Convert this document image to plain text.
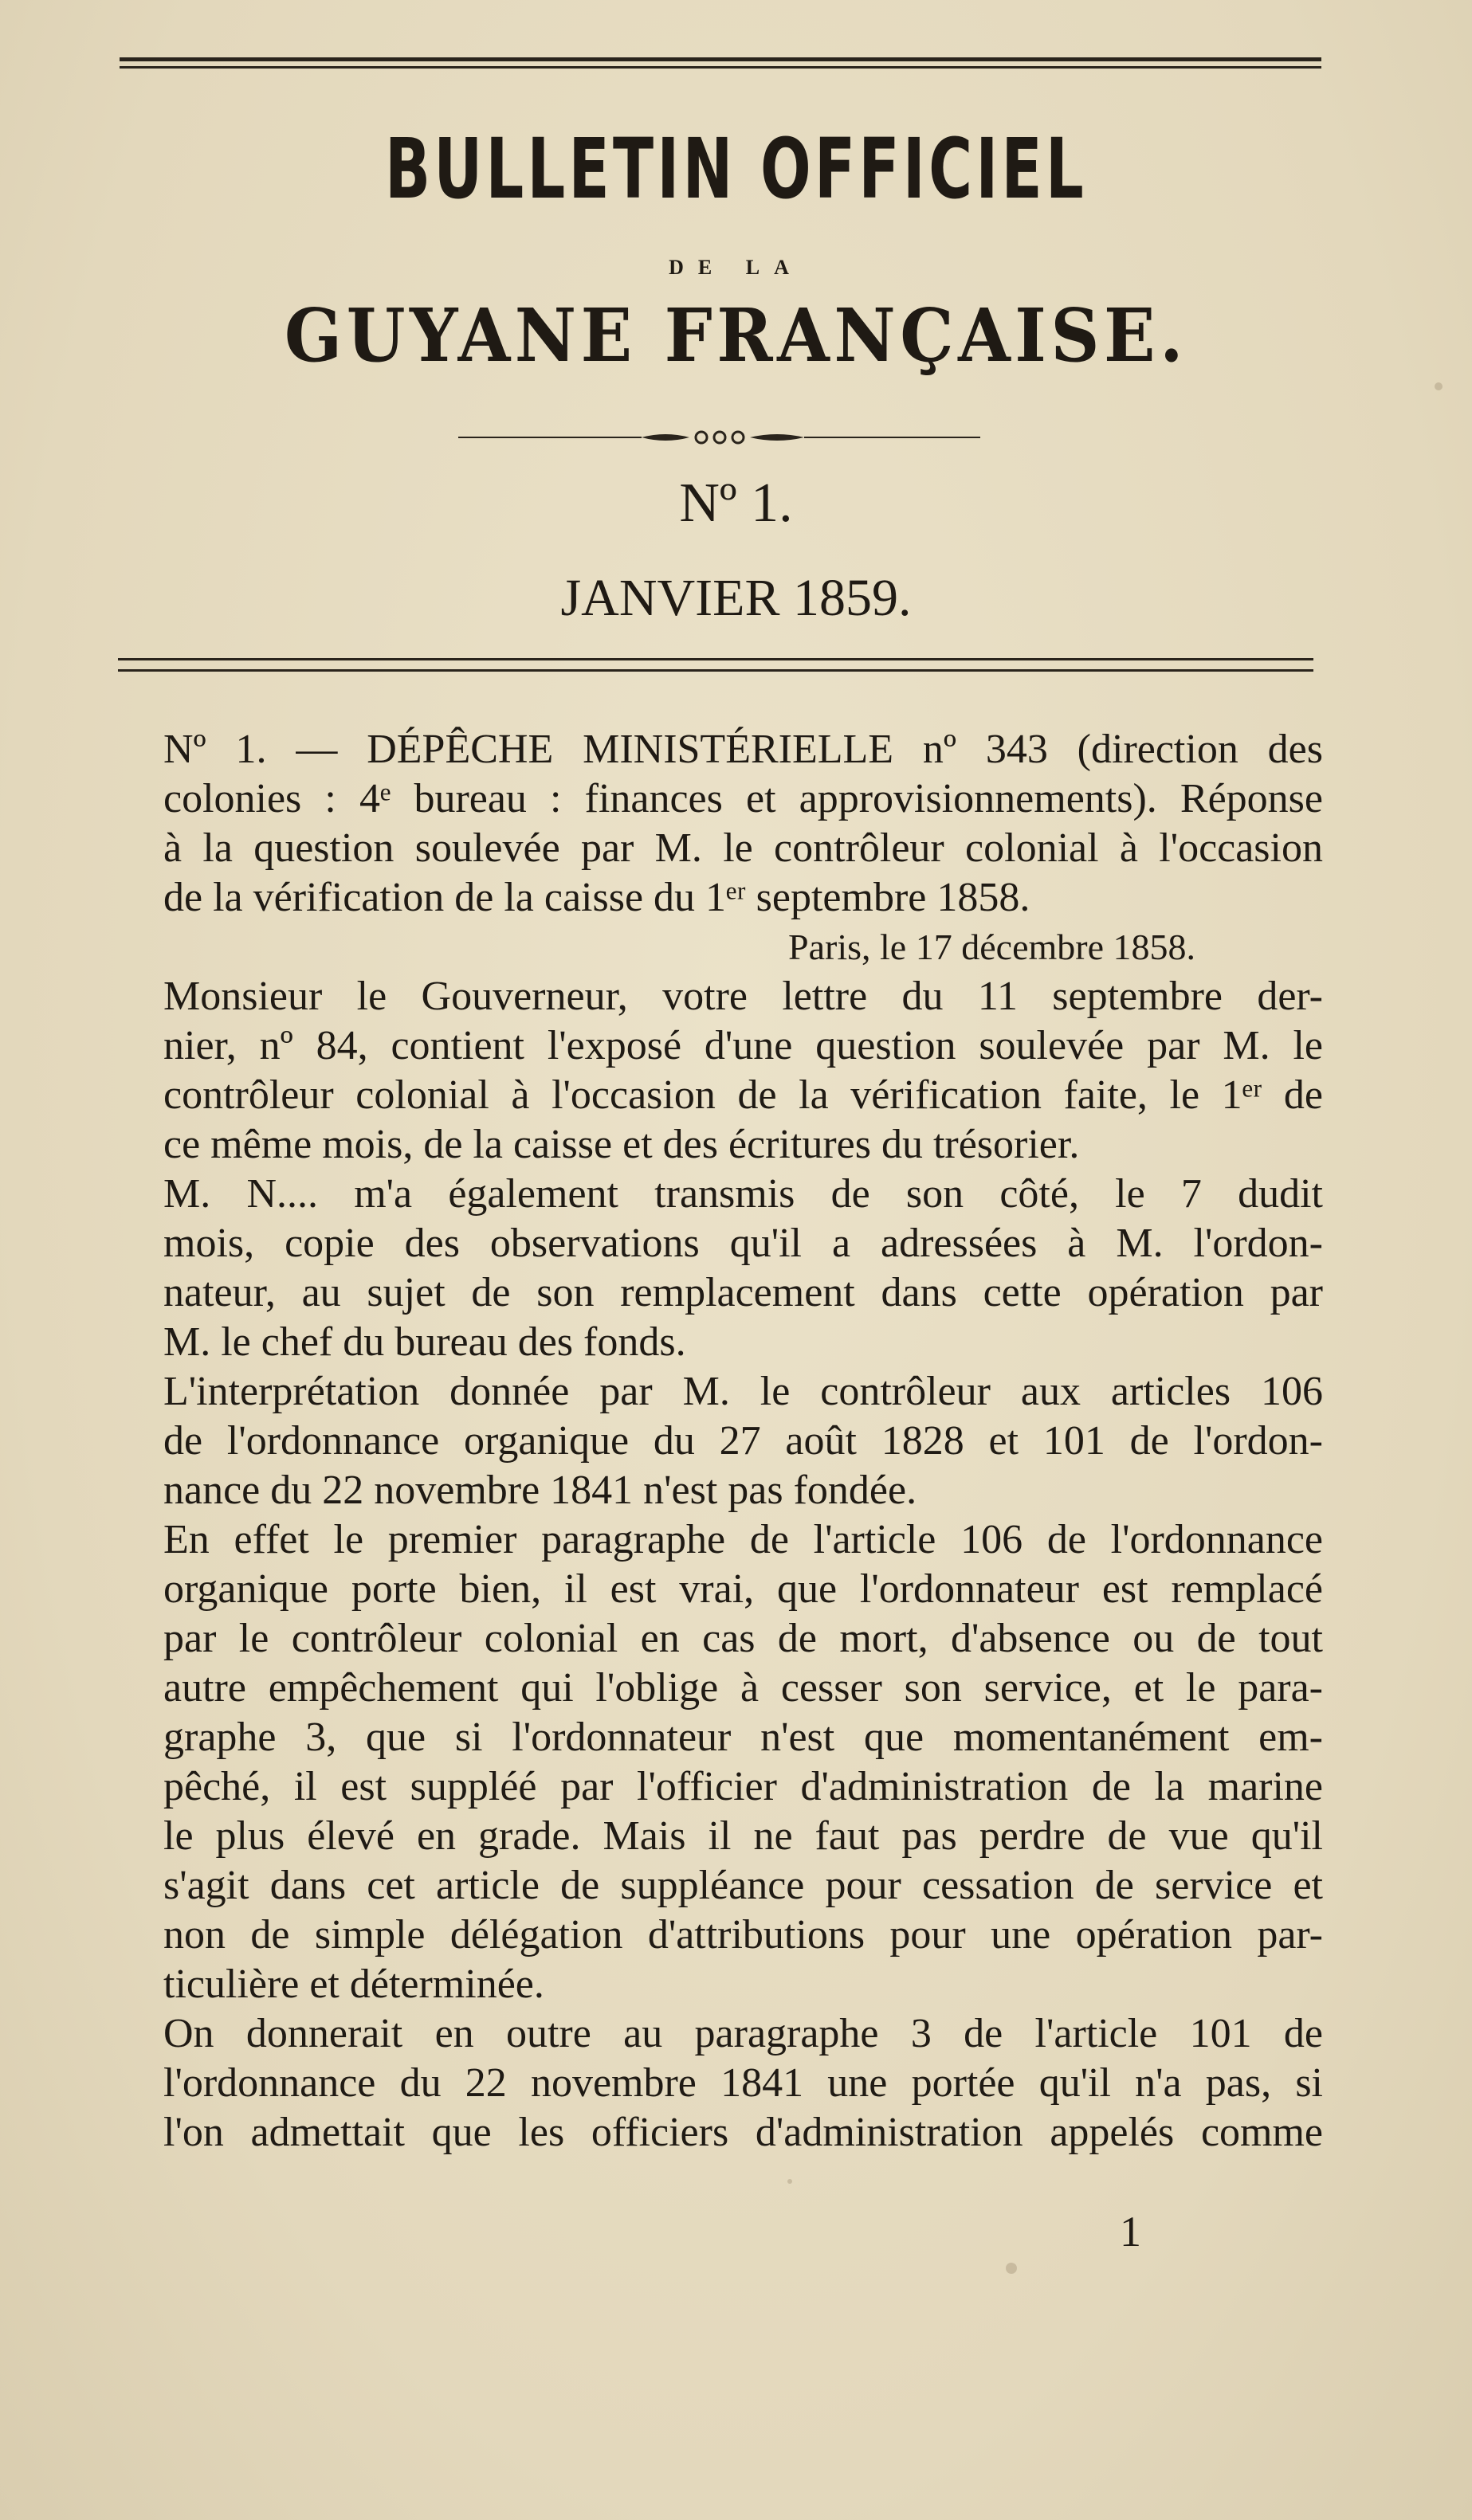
BULLETIN OFFICIEL
DE LA
GUYANE FRANÇAISE.
Nº 1.
JANVIER 1859.
Nº 1. — DÉPÊCHE MINISTÉRIELLE nº 343 (direction des
colonies : 4ᵉ bureau : finances et approvisionnements). Réponse
à la question soulevée par M. le contrôleur colonial à l'occasion
de la vérification de la caisse du 1ᵉʳ septembre 1858.
Paris, le 17 décembre 1858.
Monsieur le Gouverneur, votre lettre du 11 septembre der-
nier, nº 84, contient l'exposé d'une question soulevée par M. le
contrôleur colonial à l'occasion de la vérification faite, le 1ᵉʳ de
ce même mois, de la caisse et des écritures du trésorier.
M. N.... m'a également transmis de son côté, le 7 dudit
mois, copie des observations qu'il a adressées à M. l'ordon-
nateur, au sujet de son remplacement dans cette opération par
M. le chef du bureau des fonds.
L'interprétation donnée par M. le contrôleur aux articles 106
de l'ordonnance organique du 27 août 1828 et 101 de l'ordon-
nance du 22 novembre 1841 n'est pas fondée.
En effet le premier paragraphe de l'article 106 de l'ordonnance
organique porte bien, il est vrai, que l'ordonnateur est remplacé
par le contrôleur colonial en cas de mort, d'absence ou de tout
autre empêchement qui l'oblige à cesser son service, et le para-
graphe 3, que si l'ordonnateur n'est que momentanément em-
pêché, il est suppléé par l'officier d'administration de la marine
le plus élevé en grade. Mais il ne faut pas perdre de vue qu'il
s'agit dans cet article de suppléance pour cessation de service et
non de simple délégation d'attributions pour une opération par-
ticulière et déterminée.
On donnerait en outre au paragraphe 3 de l'article 101 de
l'ordonnance du 22 novembre 1841 une portée qu'il n'a pas, si
l'on admettait que les officiers d'administration appelés comme
1
